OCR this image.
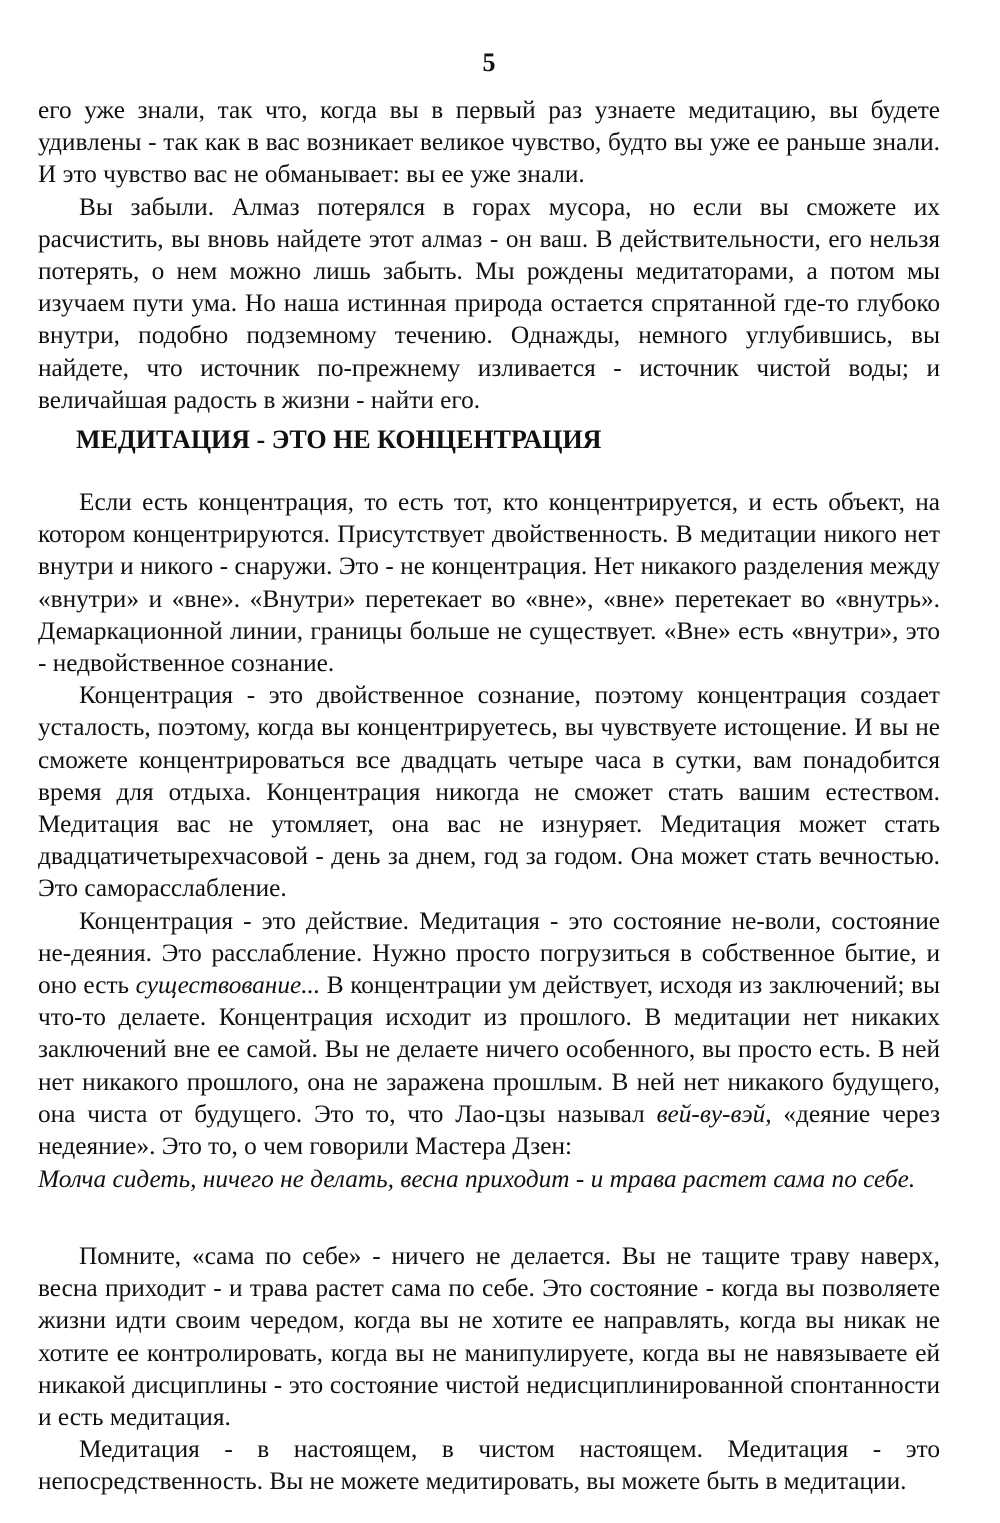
5

его уже знали, так что, когда вы в первый раз узнаете медитацию, вы будете удивлены - так как в вас возникает великое чувство, будто вы уже ее раньше знали. И это чувство вас не обманывает: вы ее уже знали.

Вы забыли. Алмаз потерялся в горах мусора, но если вы сможете их расчистить, вы вновь найдете этот алмаз - он ваш. В действительности, его нельзя потерять, о нем можно лишь забыть. Мы рождены медитаторами, а потом мы изучаем пути ума. Но наша истинная природа остается спрятанной где-то глубоко внутри, подобно подземному течению. Однажды, немного углубившись, вы найдете, что источник по-прежнему изливается - источник чистой воды; и величайшая радость в жизни - найти его.

МЕДИТАЦИЯ - ЭТО НЕ КОНЦЕНТРАЦИЯ

Если есть концентрация, то есть тот, кто концентрируется, и есть объект, на котором концентрируются. Присутствует двойственность. В медитации никого нет внутри и никого - снаружи. Это - не концентрация. Нет никакого разделения между «внутри» и «вне». «Внутри» перетекает во «вне», «вне» перетекает во «внутрь». Демаркационной линии, границы больше не существует. «Вне» есть «внутри», это - недвойственное сознание.

Концентрация - это двойственное сознание, поэтому концентрация создает усталость, поэтому, когда вы концентрируетесь, вы чувствуете истощение. И вы не сможете концентрироваться все двадцать четыре часа в сутки, вам понадобится время для отдыха. Концентрация никогда не сможет стать вашим естеством. Медитация вас не утомляет, она вас не изнуряет. Медитация может стать двадцатичетырехчасовой - день за днем, год за годом. Она может стать вечностью. Это саморасслабление.

Концентрация - это действие. Медитация - это состояние не-воли, состояние не-деяния. Это расслабление. Нужно просто погрузиться в собственное бытие, и оно есть существование... В концентрации ум действует, исходя из заключений; вы что-то делаете. Концентрация исходит из прошлого. В медитации нет никаких заключений вне ее самой. Вы не делаете ничего особенного, вы просто есть. В ней нет никакого прошлого, она не заражена прошлым. В ней нет никакого будущего, она чиста от будущего. Это то, что Лао-цзы называл вей-ву-вэй, «деяние через недеяние». Это то, о чем говорили Мастера Дзен:

Молча сидеть, ничего не делать, весна приходит - и трава растет сама по себе.

Помните, «сама по себе» - ничего не делается. Вы не тащите траву наверх, весна приходит - и трава растет сама по себе. Это состояние - когда вы позволяете жизни идти своим чередом, когда вы не хотите ее направлять, когда вы никак не хотите ее контролировать, когда вы не манипулируете, когда вы не навязываете ей никакой дисциплины - это состояние чистой недисциплинированной спонтанности и есть медитация.

Медитация - в настоящем, в чистом настоящем. Медитация - это непосредственность. Вы не можете медитировать, вы можете быть в медитации.
